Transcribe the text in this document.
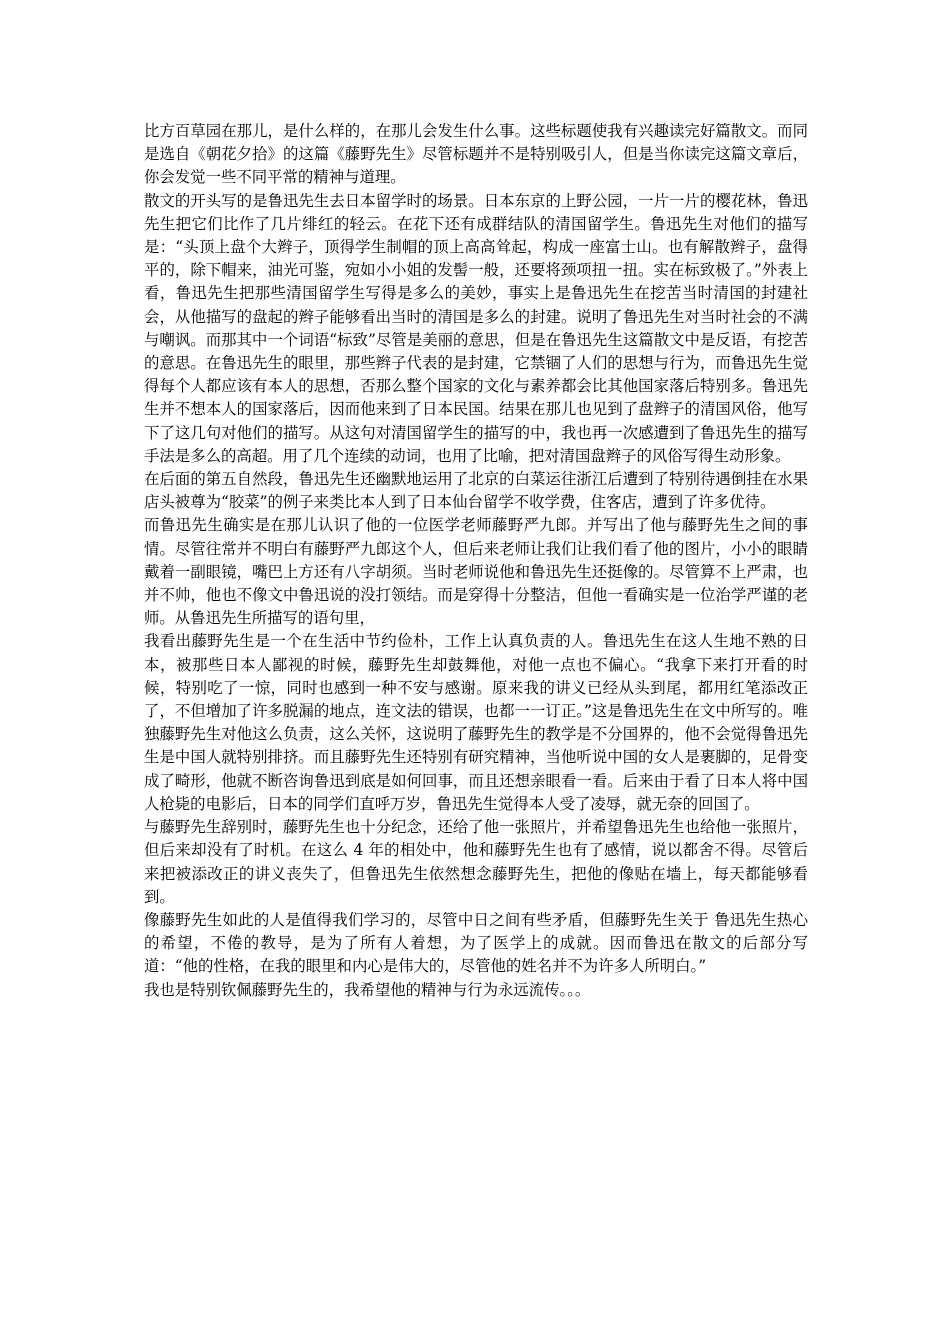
比方百草园在那儿，是什么样的，在那儿会发生什么事。这些标题使我有兴趣读完好篇散文。而同是选自《朝花夕拾》的这篇《藤野先生》尽管标题并不是特别吸引人，但是当你读完这篇文章后，你会发觉一些不同平常的精神与道理。

散文的开头写的是鲁迅先生去日本留学时的场景。日本东京的上野公园，一片一片的樱花林，鲁迅先生把它们比作了几片绯红的轻云。在花下还有成群结队的清国留学生。鲁迅先生对他们的描写是：“头顶上盘个大辫子，顶得学生制帽的顶上高高耸起，构成一座富士山。也有解散辫子，盘得平的，除下帽来，油光可鉴，宛如小小姐的发髻一般，还要将颈项扭一扭。实在标致极了。”外表上看，鲁迅先生把那些清国留学生写得是多么的美妙，事实上是鲁迅先生在挖苦当时清国的封建社会，从他描写的盘起的辫子能够看出当时的清国是多么的封建。说明了鲁迅先生对当时社会的不满与嘲讽。而那其中一个词语“标致”尽管是美丽的意思，但是在鲁迅先生这篇散文中是反语，有挖苦的意思。在鲁迅先生的眼里，那些辫子代表的是封建，它禁锢了人们的思想与行为，而鲁迅先生觉得每个人都应该有本人的思想，否那么整个国家的文化与素养都会比其他国家落后特别多。鲁迅先生并不想本人的国家落后，因而他来到了日本民国。结果在那儿也见到了盘辫子的清国风俗，他写下了这几句对他们的描写。从这句对清国留学生的描写的中，我也再一次感遭到了鲁迅先生的描写手法是多么的高超。用了几个连续的动词，也用了比喻，把对清国盘辫子的风俗写得生动形象。

在后面的第五自然段，鲁迅先生还幽默地运用了北京的白菜运往浙江后遭到了特别待遇倒挂在水果店头被尊为“胶菜”的例子来类比本人到了日本仙台留学不收学费，住客店，遭到了许多优待。

而鲁迅先生确实是在那儿认识了他的一位医学老师藤野严九郎。并写出了他与藤野先生之间的事情。尽管往常并不明白有藤野严九郎这个人，但后来老师让我们让我们看了他的图片，小小的眼睛戴着一副眼镜，嘴巴上方还有八字胡须。当时老师说他和鲁迅先生还挺像的。尽管算不上严肃，也并不帅，他也不像文中鲁迅说的没打领结。而是穿得十分整洁，但他一看确实是一位治学严谨的老师。从鲁迅先生所描写的语句里，

我看出藤野先生是一个在生活中节约俭朴，工作上认真负责的人。鲁迅先生在这人生地不熟的日本，被那些日本人鄙视的时候，藤野先生却鼓舞他，对他一点也不偏心。“我拿下来打开看的时候，特别吃了一惊，同时也感到一种不安与感谢。原来我的讲义已经从头到尾，都用红笔添改正了，不但增加了许多脱漏的地点，连文法的错误，也都一一订正。”这是鲁迅先生在文中所写的。唯独藤野先生对他这么负责，这么关怀，这说明了藤野先生的教学是不分国界的，他不会觉得鲁迅先生是中国人就特别排挤。而且藤野先生还特别有研究精神，当他听说中国的女人是裹脚的，足骨变成了畸形，他就不断咨询鲁迅到底是如何回事，而且还想亲眼看一看。后来由于看了日本人将中国人枪毙的电影后，日本的同学们直呼万岁，鲁迅先生觉得本人受了凌辱，就无奈的回国了。

与藤野先生辞别时，藤野先生也十分纪念，还给了他一张照片，并希望鲁迅先生也给他一张照片，但后来却没有了时机。在这么 4 年的相处中，他和藤野先生也有了感情，说以都舍不得。尽管后来把被添改正的讲义丧失了，但鲁迅先生依然想念藤野先生，把他的像贴在墙上，每天都能够看到。

像藤野先生如此的人是值得我们学习的，尽管中日之间有些矛盾，但藤野先生关于 鲁迅先生热心的希望，不倦的教导，是为了所有人着想，为了医学上的成就。因而鲁迅在散文的后部分写道：“他的性格，在我的眼里和内心是伟大的，尽管他的姓名并不为许多人所明白。”

我也是特别钦佩藤野先生的，我希望他的精神与行为永远流传。。。
